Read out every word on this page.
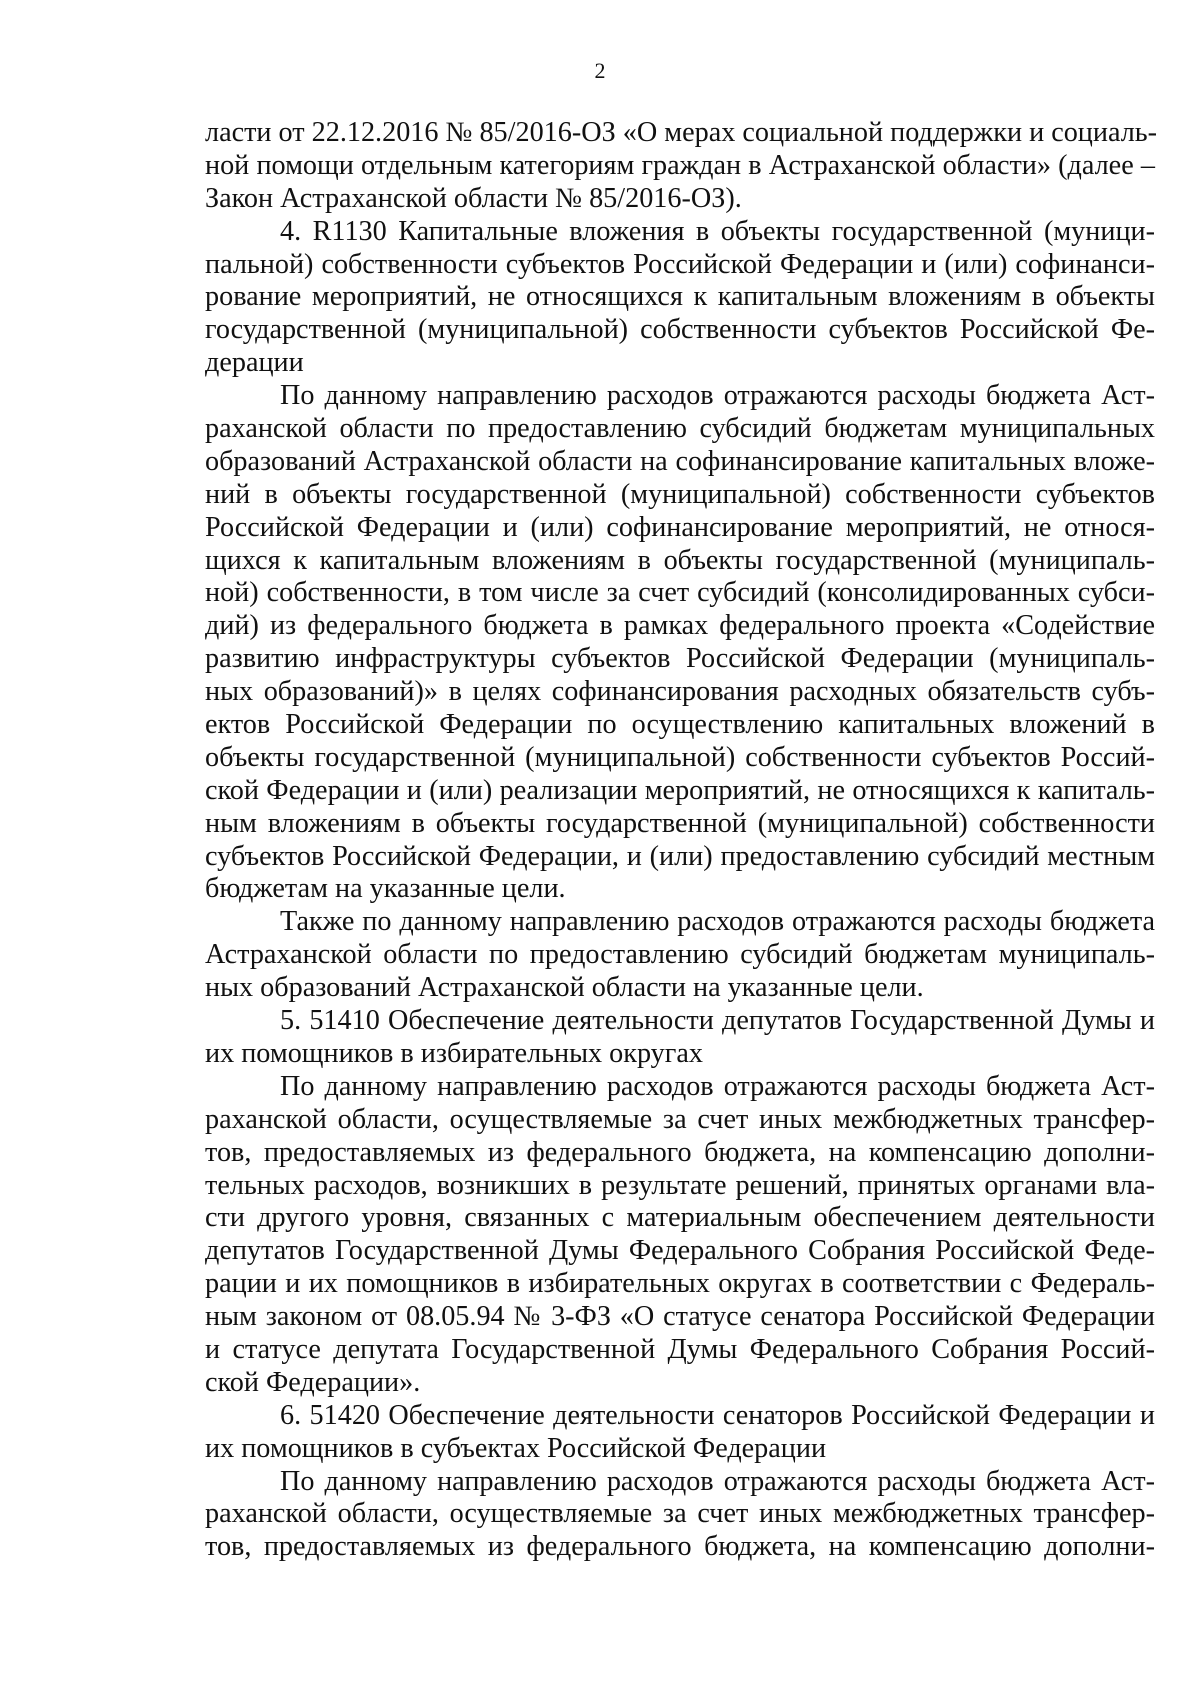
2
ласти от 22.12.2016 № 85/2016-ОЗ «О мерах социальной поддержки и социаль-
ной помощи отдельным категориям граждан в Астраханской области» (далее –
Закон Астраханской области № 85/2016-ОЗ).
4. R1130 Капитальные вложения в объекты государственной (муници-
пальной) собственности субъектов Российской Федерации и (или) софинанси-
рование мероприятий, не относящихся к капитальным вложениям в объекты
государственной (муниципальной) собственности субъектов Российской Фе-
дерации
По данному направлению расходов отражаются расходы бюджета Аст-
раханской области по предоставлению субсидий бюджетам муниципальных
образований Астраханской области на софинансирование капитальных вложе-
ний в объекты государственной (муниципальной) собственности субъектов
Российской Федерации и (или) софинансирование мероприятий, не относя-
щихся к капитальным вложениям в объекты государственной (муниципаль-
ной) собственности, в том числе за счет субсидий (консолидированных субси-
дий) из федерального бюджета в рамках федерального проекта «Содействие
развитию инфраструктуры субъектов Российской Федерации (муниципаль-
ных образований)» в целях софинансирования расходных обязательств субъ-
ектов Российской Федерации по осуществлению капитальных вложений в
объекты государственной (муниципальной) собственности субъектов Россий-
ской Федерации и (или) реализации мероприятий, не относящихся к капиталь-
ным вложениям в объекты государственной (муниципальной) собственности
субъектов Российской Федерации, и (или) предоставлению субсидий местным
бюджетам на указанные цели.
Также по данному направлению расходов отражаются расходы бюджета
Астраханской области по предоставлению субсидий бюджетам муниципаль-
ных образований Астраханской области на указанные цели.
5. 51410 Обеспечение деятельности депутатов Государственной Думы и
их помощников в избирательных округах
По данному направлению расходов отражаются расходы бюджета Аст-
раханской области, осуществляемые за счет иных межбюджетных трансфер-
тов, предоставляемых из федерального бюджета, на компенсацию дополни-
тельных расходов, возникших в результате решений, принятых органами вла-
сти другого уровня, связанных с материальным обеспечением деятельности
депутатов Государственной Думы Федерального Собрания Российской Феде-
рации и их помощников в избирательных округах в соответствии с Федераль-
ным законом от 08.05.94 № 3-ФЗ «О статусе сенатора Российской Федерации
и статусе депутата Государственной Думы Федерального Собрания Россий-
ской Федерации».
6. 51420 Обеспечение деятельности сенаторов Российской Федерации и
их помощников в субъектах Российской Федерации
По данному направлению расходов отражаются расходы бюджета Аст-
раханской области, осуществляемые за счет иных межбюджетных трансфер-
тов, предоставляемых из федерального бюджета, на компенсацию дополни-
